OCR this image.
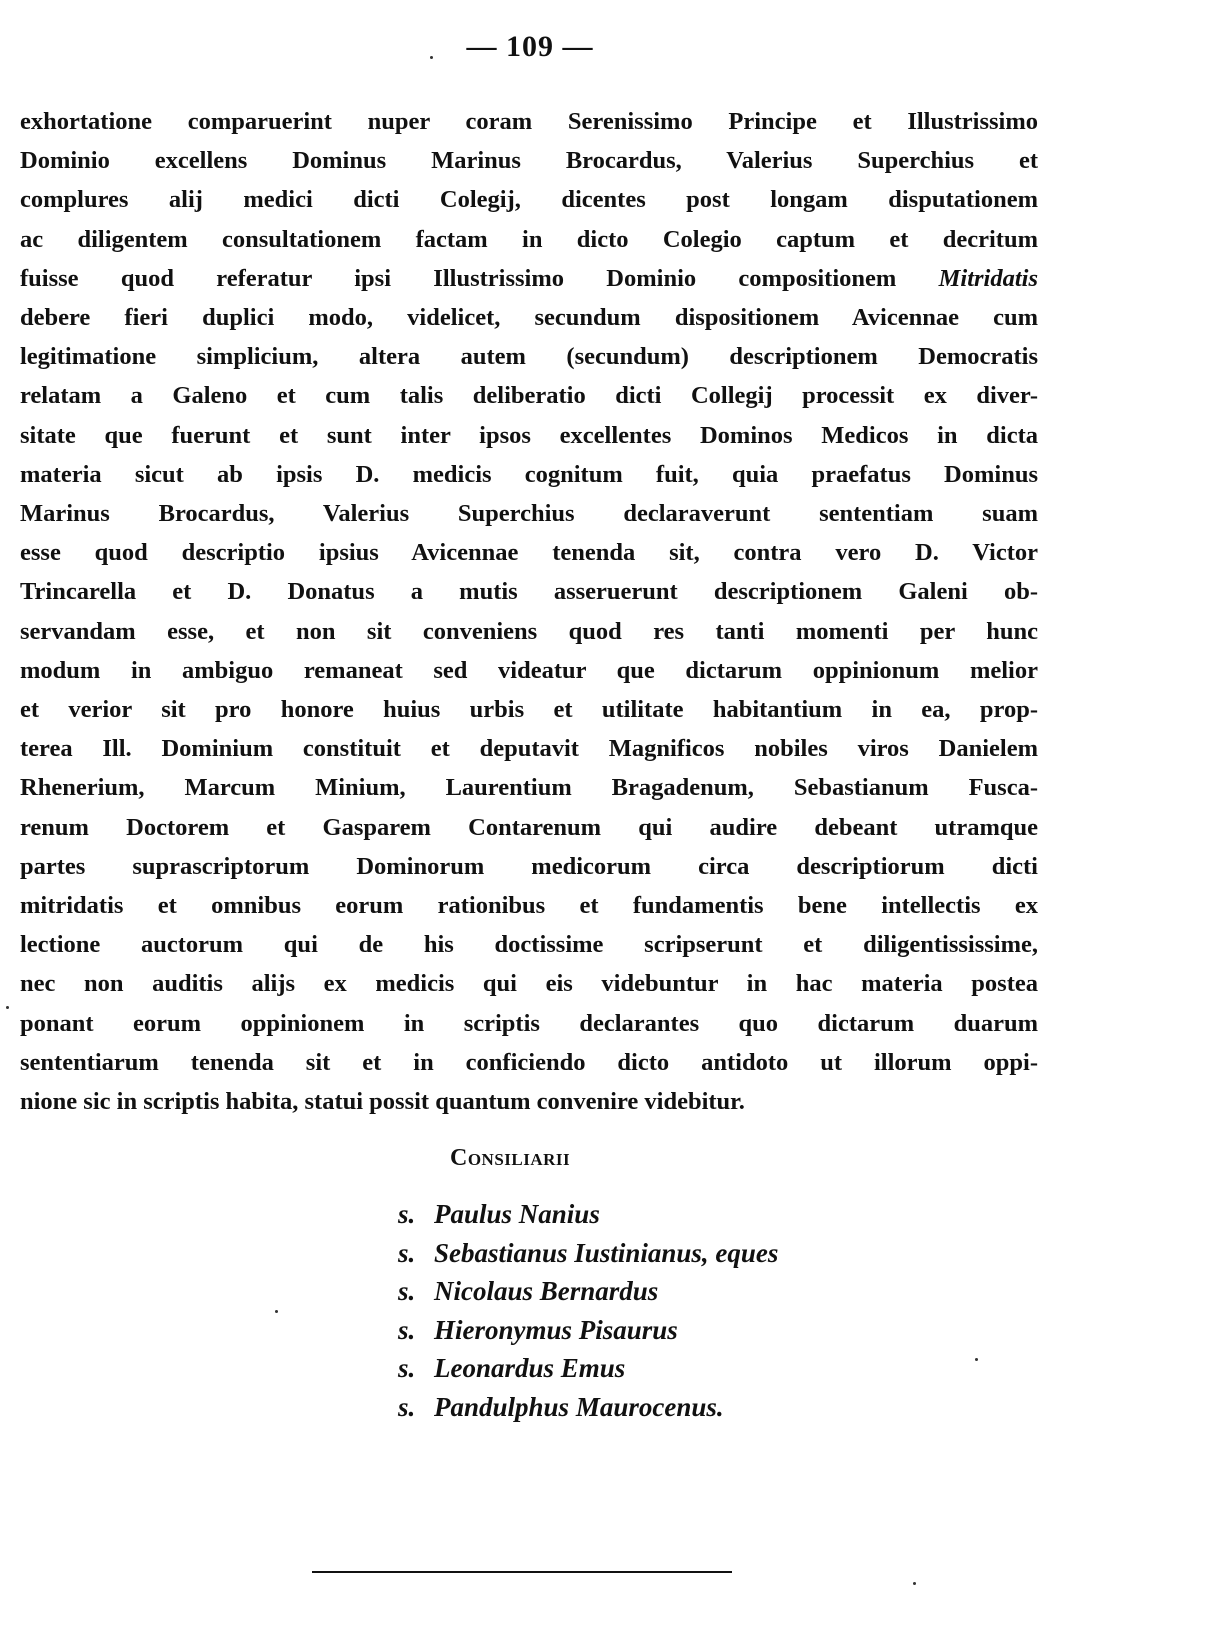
— 109 —
exhortatione comparuerint nuper coram Serenissimo Principe et Illustrissimo
Dominio excellens Dominus Marinus Brocardus, Valerius Superchius et
complures alij medici dicti Colegij, dicentes post longam disputationem
ac diligentem consultationem factam in dicto Colegio captum et decritum
fuisse quod referatur ipsi Illustrissimo Dominio compositionem Mitridatis
debere fieri duplici modo, videlicet, secundum dispositionem Avicennae cum
legitimatione simplicium, altera autem (secundum) descriptionem Democratis
relatam a Galeno et cum talis deliberatio dicti Collegij processit ex diver-
sitate que fuerunt et sunt inter ipsos excellentes Dominos Medicos in dicta
materia sicut ab ipsis D. medicis cognitum fuit, quia praefatus Dominus
Marinus Brocardus, Valerius Superchius declaraverunt sententiam suam
esse quod descriptio ipsius Avicennae tenenda sit, contra vero D. Victor
Trincarella et D. Donatus a mutis asseruerunt descriptionem Galeni ob-
servandam esse, et non sit conveniens quod res tanti momenti per hunc
modum in ambiguo remaneat sed videatur que dictarum oppinionum melior
et verior sit pro honore huius urbis et utilitate habitantium in ea, prop-
terea Ill. Dominium constituit et deputavit Magnificos nobiles viros Danielem
Rhenerium, Marcum Minium, Laurentium Bragadenum, Sebastianum Fusca-
renum Doctorem et Gasparem Contarenum qui audire debeant utramque
partes suprascriptorum Dominorum medicorum circa descriptiorum dicti
mitridatis et omnibus eorum rationibus et fundamentis bene intellectis ex
lectione auctorum qui de his doctissime scripserunt et diligentississime,
nec non auditis alijs ex medicis qui eis videbuntur in hac materia postea
ponant eorum oppinionem in scriptis declarantes quo dictarum duarum
sententiarum tenenda sit et in conficiendo dicto antidoto ut illorum oppi-
nione sic in scriptis habita, statui possit quantum convenire videbitur.
Consiliarii
s. Paulus Nanius
s. Sebastianus Iustinianus, eques
s. Nicolaus Bernardus
s. Hieronymus Pisaurus
s. Leonardus Emus
s. Pandulphus Maurocenus.
